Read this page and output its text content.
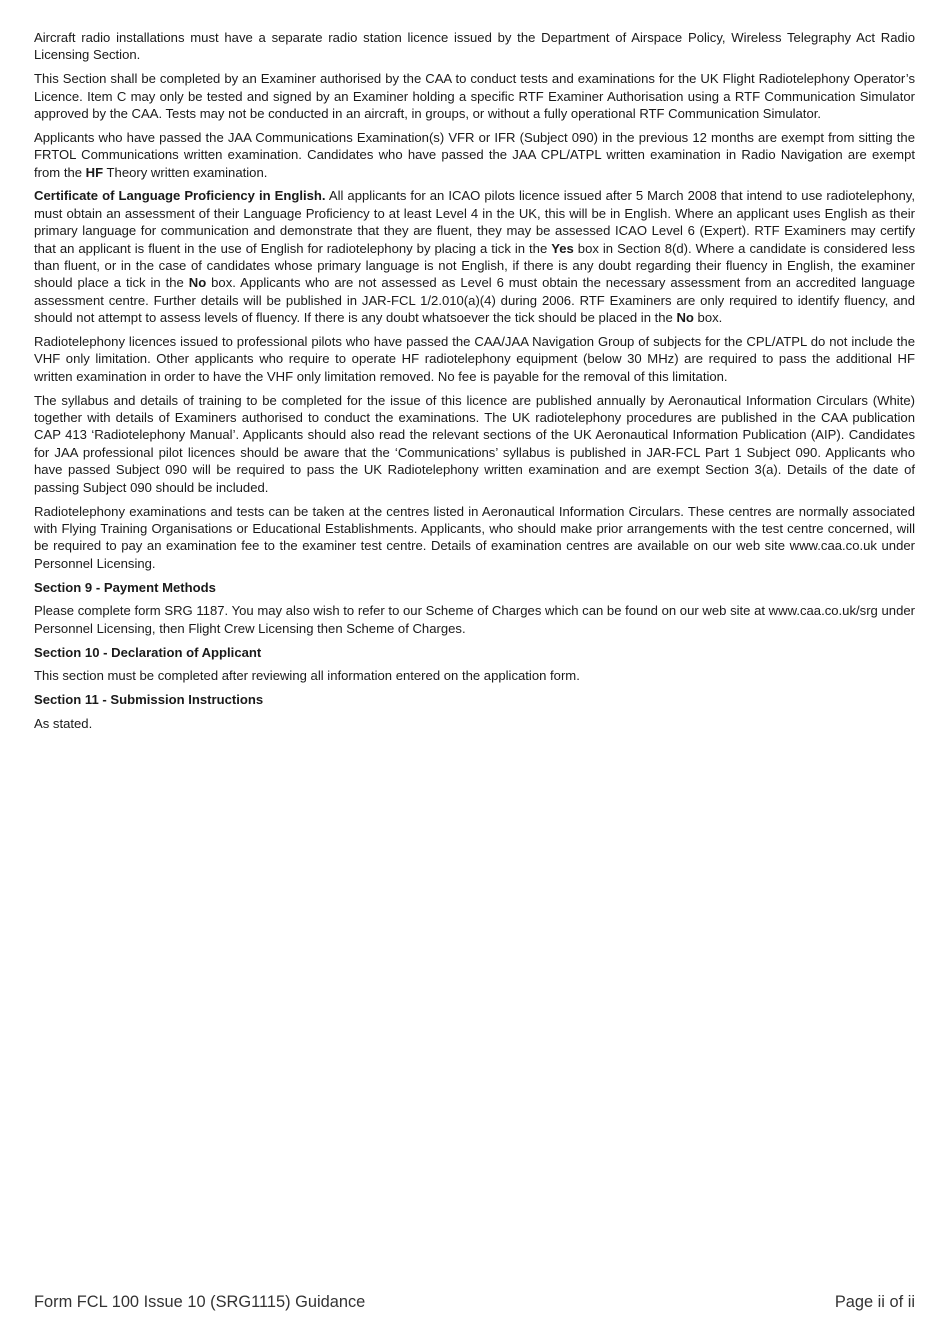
Aircraft radio installations must have a separate radio station licence issued by the Department of Airspace Policy, Wireless Telegraphy Act Radio Licensing Section.

This Section shall be completed by an Examiner authorised by the CAA to conduct tests and examinations for the UK Flight Radiotelephony Operator’s Licence. Item C may only be tested and signed by an Examiner holding a specific RTF Examiner Authorisation using a RTF Communication Simulator approved by the CAA. Tests may not be conducted in an aircraft, in groups, or without a fully operational RTF Communication Simulator.

Applicants who have passed the JAA Communications Examination(s) VFR or IFR (Subject 090) in the previous 12 months are exempt from sitting the FRTOL Communications written examination. Candidates who have passed the JAA CPL/ATPL written examination in Radio Navigation are exempt from the HF Theory written examination.

Certificate of Language Proficiency in English. All applicants for an ICAO pilots licence issued after 5 March 2008 that intend to use radiotelephony, must obtain an assessment of their Language Proficiency to at least Level 4 in the UK, this will be in English. Where an applicant uses English as their primary language for communication and demonstrate that they are fluent, they may be assessed ICAO Level 6 (Expert). RTF Examiners may certify that an applicant is fluent in the use of English for radiotelephony by placing a tick in the Yes box in Section 8(d). Where a candidate is considered less than fluent, or in the case of candidates whose primary language is not English, if there is any doubt regarding their fluency in English, the examiner should place a tick in the No box. Applicants who are not assessed as Level 6 must obtain the necessary assessment from an accredited language assessment centre. Further details will be published in JAR-FCL 1/2.010(a)(4) during 2006. RTF Examiners are only required to identify fluency, and should not attempt to assess levels of fluency. If there is any doubt whatsoever the tick should be placed in the No box.

Radiotelephony licences issued to professional pilots who have passed the CAA/JAA Navigation Group of subjects for the CPL/ATPL do not include the VHF only limitation. Other applicants who require to operate HF radiotelephony equipment (below 30 MHz) are required to pass the additional HF written examination in order to have the VHF only limitation removed. No fee is payable for the removal of this limitation.

The syllabus and details of training to be completed for the issue of this licence are published annually by Aeronautical Information Circulars (White) together with details of Examiners authorised to conduct the examinations. The UK radiotelephony procedures are published in the CAA publication CAP 413 ‘Radiotelephony Manual’. Applicants should also read the relevant sections of the UK Aeronautical Information Publication (AIP). Candidates for JAA professional pilot licences should be aware that the ‘Communications’ syllabus is published in JAR-FCL Part 1 Subject 090. Applicants who have passed Subject 090 will be required to pass the UK Radiotelephony written examination and are exempt Section 3(a). Details of the date of passing Subject 090 should be included.

Radiotelephony examinations and tests can be taken at the centres listed in Aeronautical Information Circulars. These centres are normally associated with Flying Training Organisations or Educational Establishments. Applicants, who should make prior arrangements with the test centre concerned, will be required to pay an examination fee to the examiner test centre. Details of examination centres are available on our web site www.caa.co.uk under Personnel Licensing.

Section 9 - Payment Methods

Please complete form SRG 1187. You may also wish to refer to our Scheme of Charges which can be found on our web site at www.caa.co.uk/srg under Personnel Licensing, then Flight Crew Licensing then Scheme of Charges.

Section 10 - Declaration of Applicant

This section must be completed after reviewing all information entered on the application form.

Section 11 - Submission Instructions

As stated.

Form FCL 100 Issue 10 (SRG1115) Guidance	Page ii of ii
